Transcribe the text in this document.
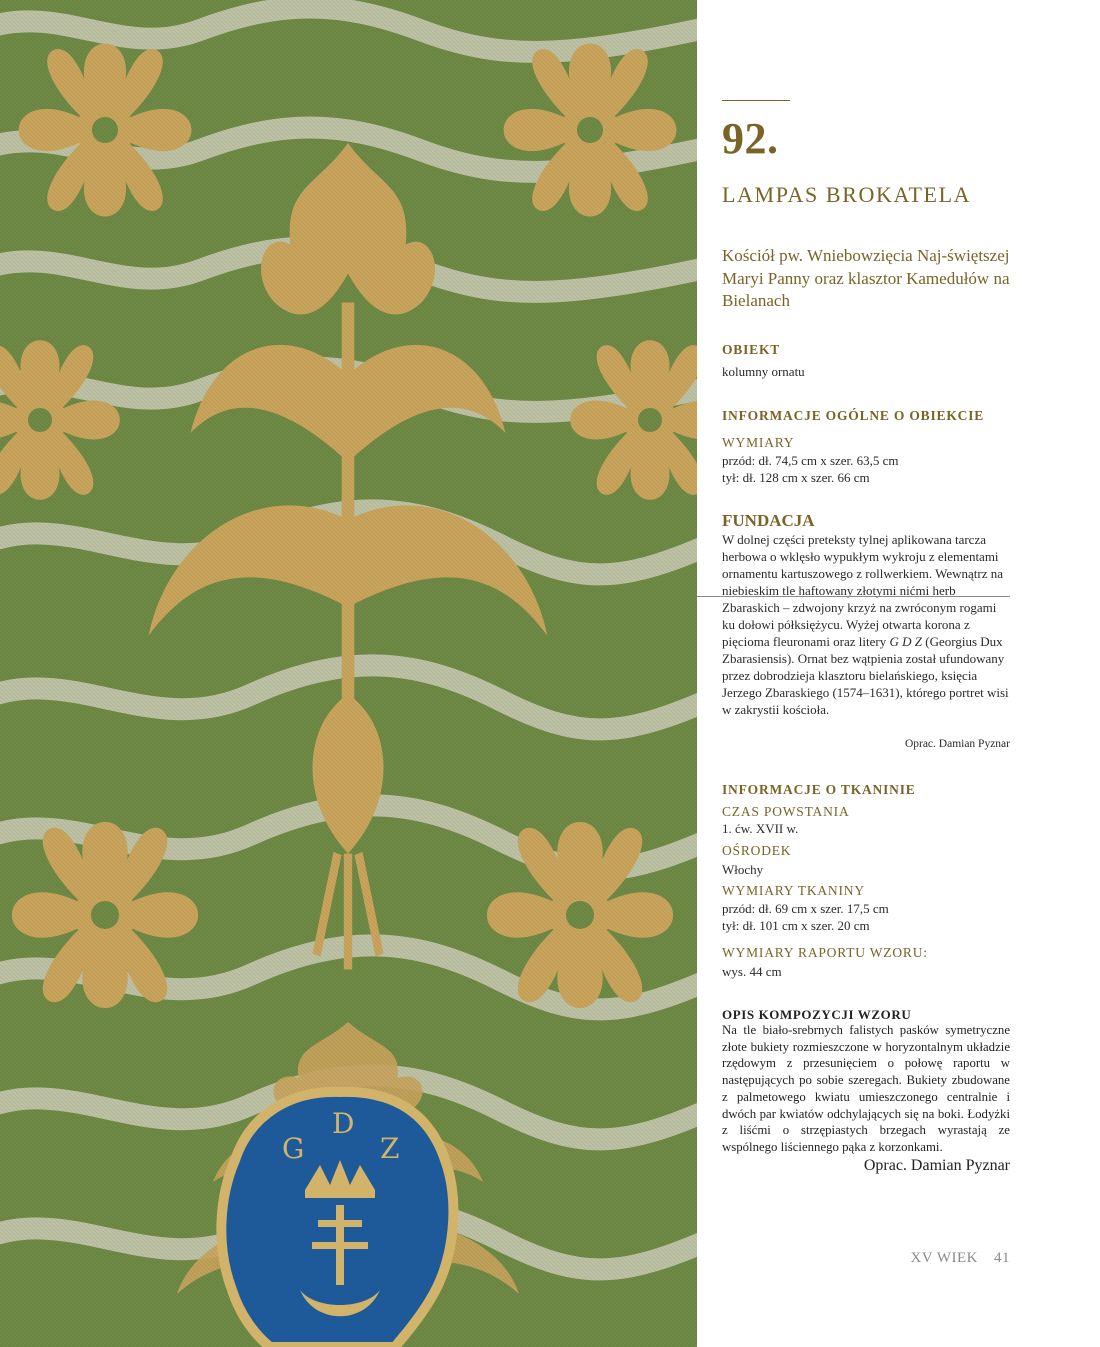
G
D
Z
92.
LAMPAS BROKATELA
Kościół pw. Wniebowzięcia Naj-świętszej Maryi Panny oraz klasztor Kamedułów na Bielanach
OBIEKT
kolumny ornatu
INFORMACJE OGÓLNE O OBIEKCIE
WYMIARY
przód: dł. 74,5 cm x szer. 63,5 cm
tył: dł. 128 cm x szer. 66 cm
FUNDACJA
W dolnej części preteksty tylnej aplikowana tarcza herbowa o wklęsło wypukłym wykroju z elementami ornamentu kartuszowego z rollwerkiem. Wewnątrz na niebieskim tle haftowany złotymi nićmi herb Zbaraskich – zdwojony krzyż na zwróconym rogami ku dołowi półksiężycu. Wyżej otwarta korona z pięcioma fleuronami oraz litery G D Z (Georgius Dux Zbarasiensis). Ornat bez wątpienia został ufundowany przez dobrodzieja klasztoru bielańskiego, księcia Jerzego Zbaraskiego (1574–1631), którego portret wisi w zakrystii kościoła.
Oprac. Damian Pyznar
INFORMACJE O TKANINIE
CZAS POWSTANIA
1. ćw. XVII w.
OŚRODEK
Włochy
WYMIARY TKANINY
przód: dł. 69 cm x szer. 17,5 cm
tył: dł. 101 cm x szer. 20 cm
WYMIARY RAPORTU WZORU:
wys. 44 cm
OPIS KOMPOZYCJI WZORU
Na tle biało-srebrnych falistych pasków symetryczne złote bukiety rozmieszczone w horyzontalnym układzie rzędowym z przesunięciem o połowę raportu w następujących po sobie szeregach. Bukiety zbudowane z palmetowego kwiatu umieszczonego centralnie i dwóch par kwiatów odchylających się na boki. Łodyżki z liśćmi o strzępiastych brzegach wyrastają ze wspólnego liściennego pąka z korzonkami.
Oprac. Damian Pyznar
XV WIEK 41
